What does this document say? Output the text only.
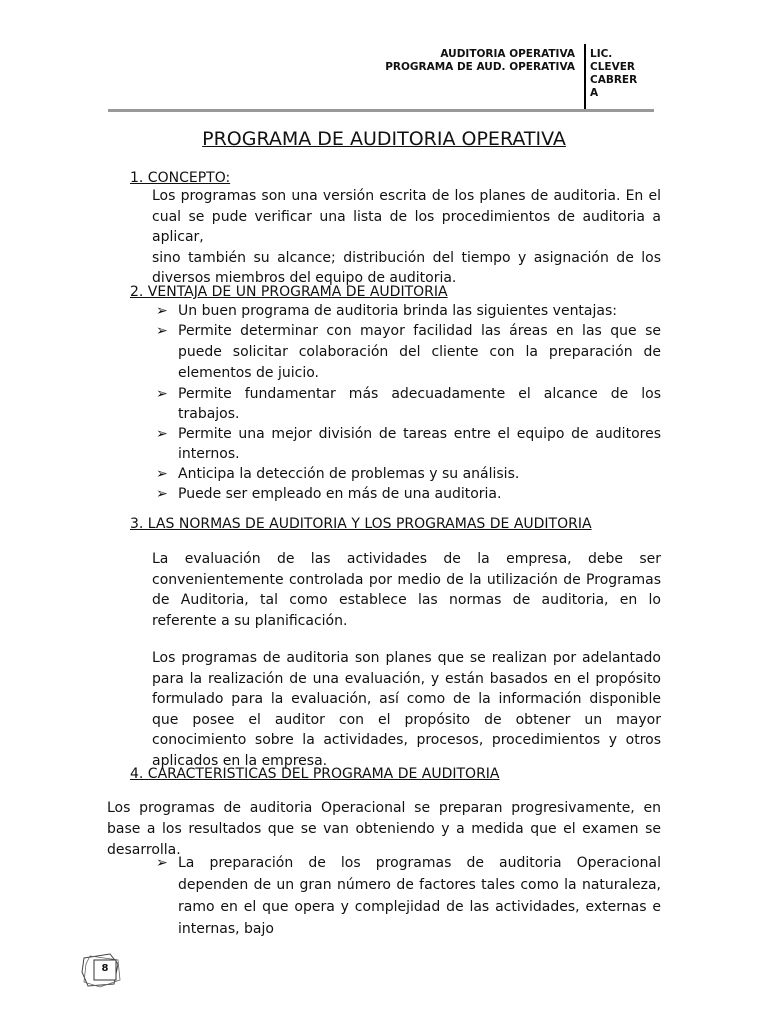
AUDITORIA OPERATIVA
PROGRAMA DE AUD. OPERATIVA
LIC.
CLEVER
CABRER
A
PROGRAMA DE AUDITORIA OPERATIVA
1. CONCEPTO:
Los programas son una versión escrita de los planes de auditoria. En el
cual se pude verificar una lista de los procedimientos de auditoria a aplicar,
sino también su alcance; distribución del tiempo y asignación de los
diversos miembros del equipo de auditoria.
2. VENTAJA DE UN PROGRAMA DE AUDITORIA
➢ Un buen programa de auditoria brinda las siguientes ventajas:
➢ Permite determinar con mayor facilidad las áreas en las que se puede solicitar colaboración del cliente con la preparación de elementos de juicio.
➢ Permite fundamentar más adecuadamente el alcance de los trabajos.
➢ Permite una mejor división de tareas entre el equipo de auditores internos.
➢ Anticipa la detección de problemas y su análisis.
➢ Puede ser empleado en más de una auditoria.
3. LAS NORMAS DE AUDITORIA Y LOS PROGRAMAS DE AUDITORIA
La evaluación de las actividades de la empresa, debe ser convenientemente controlada por medio de la utilización de Programas de Auditoria, tal como establece las normas de auditoria, en lo referente a su planificación.
Los programas de auditoria son planes que se realizan por adelantado para la realización de una evaluación, y están basados en el propósito formulado para la evaluación, así como de la información disponible que posee el auditor con el propósito de obtener un mayor conocimiento sobre la actividades, procesos, procedimientos y otros aplicados en la empresa.
4. CARACTERISTICAS DEL PROGRAMA DE AUDITORIA
Los programas de auditoria Operacional se preparan progresivamente, en base a los resultados que se van obteniendo y a medida que el examen se desarrolla.
➢ La preparación de los programas de auditoria Operacional dependen de un gran número de factores tales como la naturaleza, ramo en el que opera y complejidad de las actividades, externas e internas, bajo
8
